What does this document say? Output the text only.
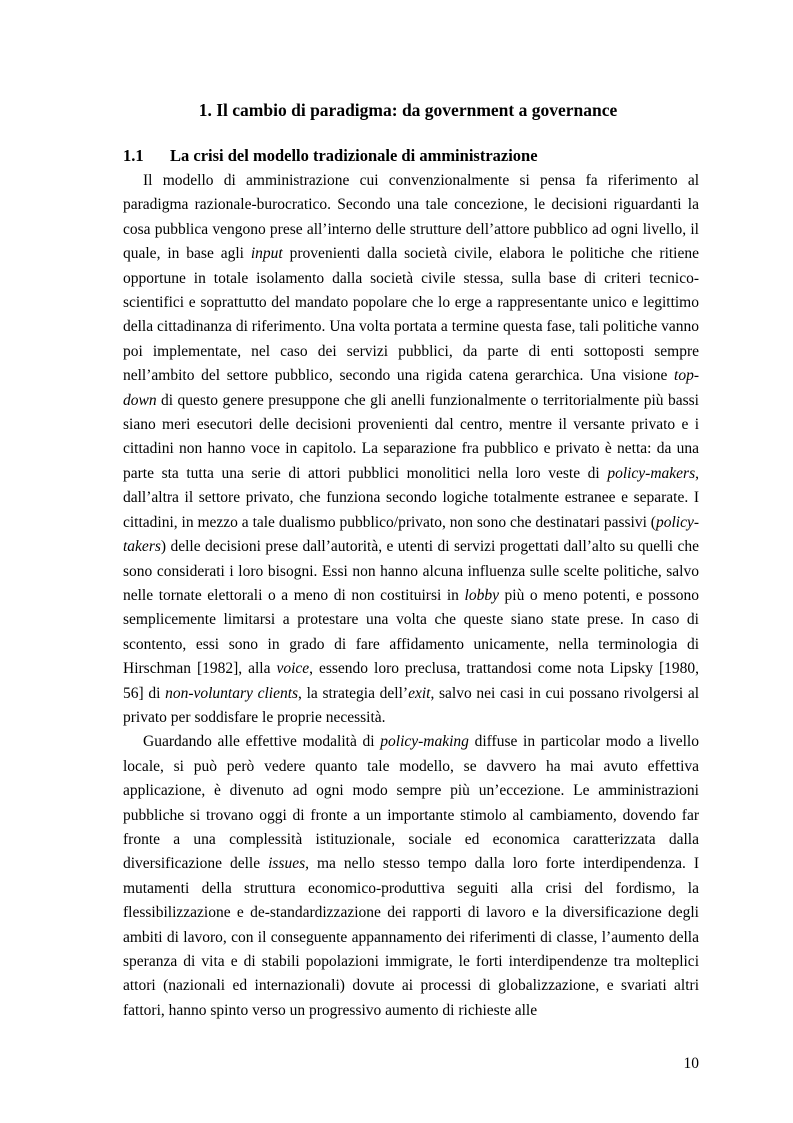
1. Il cambio di paradigma: da government a governance
1.1 La crisi del modello tradizionale di amministrazione

Il modello di amministrazione cui convenzionalmente si pensa fa riferimento al paradigma razionale-burocratico. Secondo una tale concezione, le decisioni riguardanti la cosa pubblica vengono prese all’interno delle strutture dell’attore pubblico ad ogni livello, il quale, in base agli input provenienti dalla società civile, elabora le politiche che ritiene opportune in totale isolamento dalla società civile stessa, sulla base di criteri tecnico-scientifici e soprattutto del mandato popolare che lo erge a rappresentante unico e legittimo della cittadinanza di riferimento. Una volta portata a termine questa fase, tali politiche vanno poi implementate, nel caso dei servizi pubblici, da parte di enti sottoposti sempre nell’ambito del settore pubblico, secondo una rigida catena gerarchica. Una visione top-down di questo genere presuppone che gli anelli funzionalmente o territorialmente più bassi siano meri esecutori delle decisioni provenienti dal centro, mentre il versante privato e i cittadini non hanno voce in capitolo. La separazione fra pubblico e privato è netta: da una parte sta tutta una serie di attori pubblici monolitici nella loro veste di policy-makers, dall’altra il settore privato, che funziona secondo logiche totalmente estranee e separate. I cittadini, in mezzo a tale dualismo pubblico/privato, non sono che destinatari passivi (policy-takers) delle decisioni prese dall’autorità, e utenti di servizi progettati dall’alto su quelli che sono considerati i loro bisogni. Essi non hanno alcuna influenza sulle scelte politiche, salvo nelle tornate elettorali o a meno di non costituirsi in lobby più o meno potenti, e possono semplicemente limitarsi a protestare una volta che queste siano state prese. In caso di scontento, essi sono in grado di fare affidamento unicamente, nella terminologia di Hirschman [1982], alla voice, essendo loro preclusa, trattandosi come nota Lipsky [1980, 56] di non-voluntary clients, la strategia dell’exit, salvo nei casi in cui possano rivolgersi al privato per soddisfare le proprie necessità.

Guardando alle effettive modalità di policy-making diffuse in particolar modo a livello locale, si può però vedere quanto tale modello, se davvero ha mai avuto effettiva applicazione, è divenuto ad ogni modo sempre più un’eccezione. Le amministrazioni pubbliche si trovano oggi di fronte a un importante stimolo al cambiamento, dovendo far fronte a una complessità istituzionale, sociale ed economica caratterizzata dalla diversificazione delle issues, ma nello stesso tempo dalla loro forte interdipendenza. I mutamenti della struttura economico-produttiva seguiti alla crisi del fordismo, la flessibilizzazione e de-standardizzazione dei rapporti di lavoro e la diversificazione degli ambiti di lavoro, con il conseguente appannamento dei riferimenti di classe, l’aumento della speranza di vita e di stabili popolazioni immigrate, le forti interdipendenze tra molteplici attori (nazionali ed internazionali) dovute ai processi di globalizzazione, e svariati altri fattori, hanno spinto verso un progressivo aumento di richieste alle

10
